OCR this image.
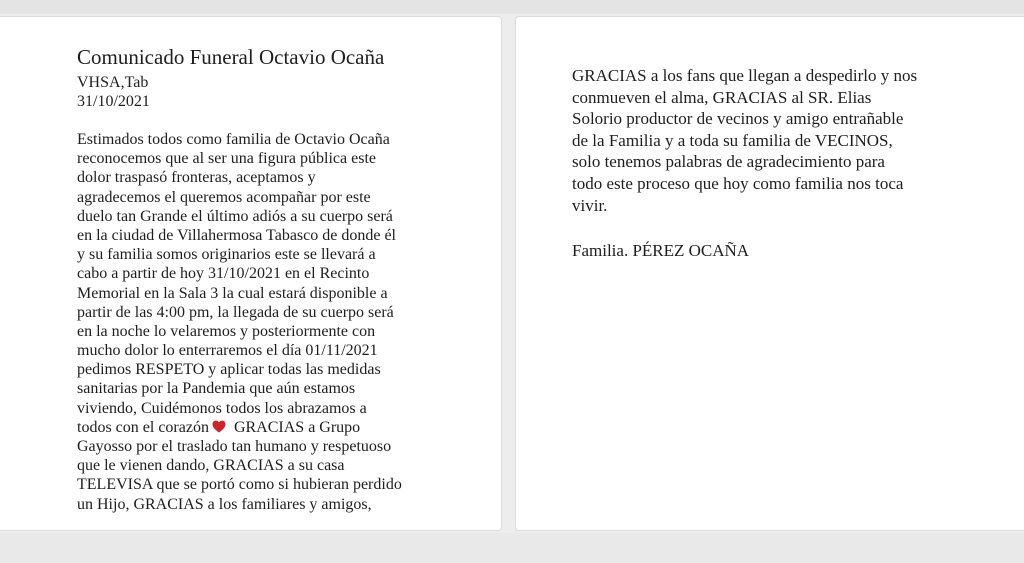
Comunicado Funeral Octavio Ocaña
VHSA,Tab
31/10/2021
Estimados todos como familia de Octavio Ocaña
reconocemos que al ser una figura pública este
dolor traspasó fronteras, aceptamos y
agradecemos el queremos acompañar por este
duelo tan Grande el último adiós a su cuerpo será
en la ciudad de Villahermosa Tabasco de donde él
y su familia somos originarios este se llevará a
cabo a partir de hoy 31/10/2021 en el Recinto
Memorial en la Sala 3 la cual estará disponible a
partir de las 4:00 pm, la llegada de su cuerpo será
en la noche lo velaremos y posteriormente con
mucho dolor lo enterraremos el día 01/11/2021
pedimos RESPETO y aplicar todas las medidas
sanitarias por la Pandemia que aún estamos
viviendo, Cuidémonos todos los abrazamos a
todos con el corazón
GRACIAS a Grupo
Gayosso por el traslado tan humano y respetuoso
que le vienen dando, GRACIAS a su casa
TELEVISA que se portó como si hubieran perdido
un Hijo, GRACIAS a los familiares y amigos,
GRACIAS a los fans que llegan a despedirlo y nos
conmueven el alma, GRACIAS al SR. Elias
Solorio productor de vecinos y amigo entrañable
de la Familia y a toda su familia de VECINOS,
solo tenemos palabras de agradecimiento para
todo este proceso que hoy como familia nos toca
vivir.
Familia. PÉREZ OCAÑA
